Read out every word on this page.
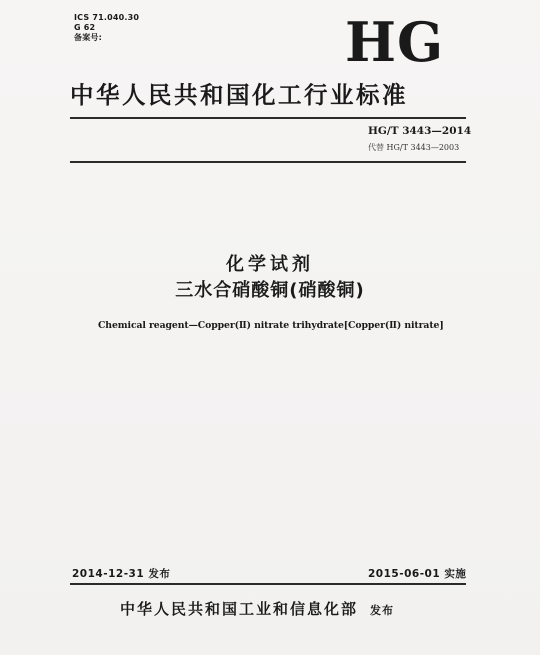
ICS 71.040.30
G 62
备案号:	HG
中华人民共和国化工行业标准
HG/T 3443—2014
代替 HG/T 3443—2003
化学试剂
三水合硝酸铜(硝酸铜)
Chemical reagent—Copper(Ⅱ) nitrate trihydrate[Copper(Ⅱ) nitrate]
2014-12-31 发布	2015-06-01 实施
中华人民共和国工业和信息化部 发布
